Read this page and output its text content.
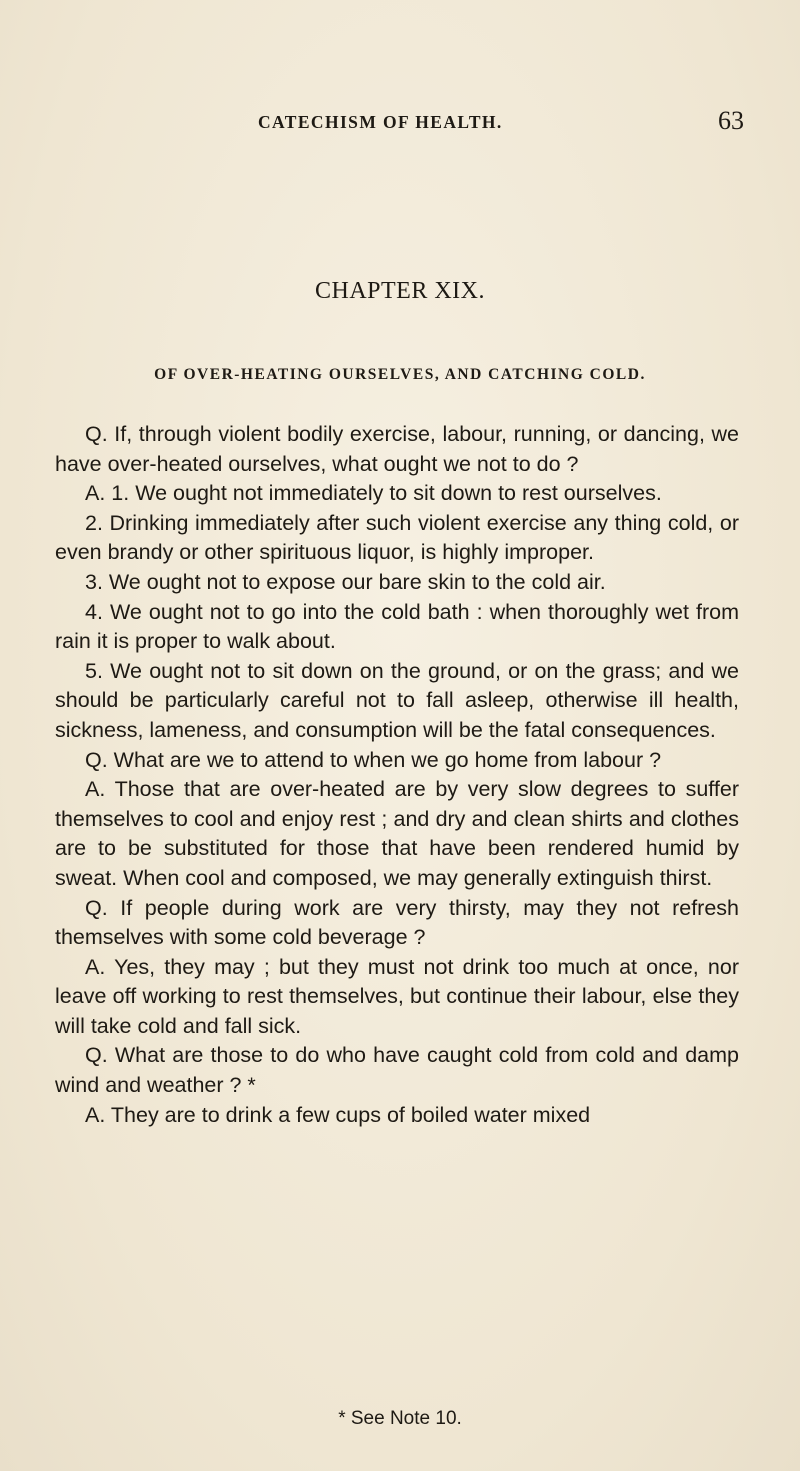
CATECHISM OF HEALTH.	63
CHAPTER XIX.
OF OVER-HEATING OURSELVES, AND CATCHING COLD.

Q. If, through violent bodily exercise, labour, running, or dancing, we have over-heated ourselves, what ought we not to do ?

A. 1. We ought not immediately to sit down to rest ourselves.

2. Drinking immediately after such violent exercise any thing cold, or even brandy or other spirituous liquor, is highly improper.

3. We ought not to expose our bare skin to the cold air.

4. We ought not to go into the cold bath : when thoroughly wet from rain it is proper to walk about.

5. We ought not to sit down on the ground, or on the grass; and we should be particularly careful not to fall asleep, otherwise ill health, sickness, lameness, and consumption will be the fatal consequences.

Q. What are we to attend to when we go home from labour ?

A. Those that are over-heated are by very slow degrees to suffer themselves to cool and enjoy rest ; and dry and clean shirts and clothes are to be substituted for those that have been rendered humid by sweat. When cool and composed, we may generally extinguish thirst.

Q. If people during work are very thirsty, may they not refresh themselves with some cold beverage ?

A. Yes, they may ; but they must not drink too much at once, nor leave off working to rest themselves, but continue their labour, else they will take cold and fall sick.

Q. What are those to do who have caught cold from cold and damp wind and weather ? *

A. They are to drink a few cups of boiled water mixed

* See Note 10.
